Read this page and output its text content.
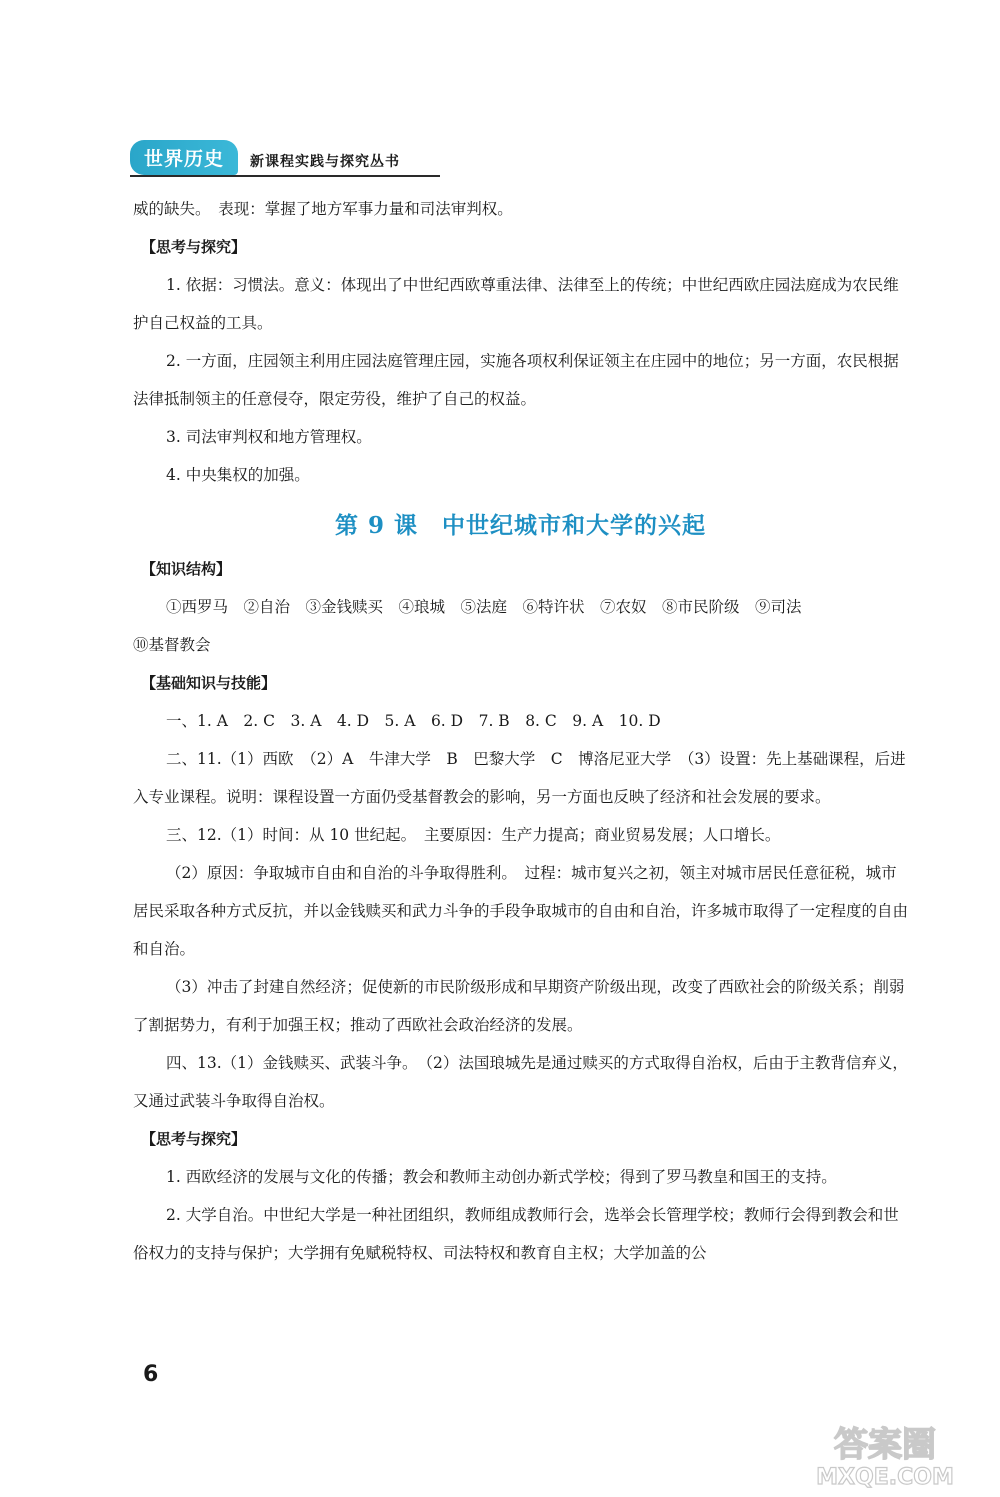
世界历史	新课程实践与探究丛书

威的缺失。　表现：掌握了地方军事力量和司法审判权。

【思考与探究】

1. 依据：习惯法。意义：体现出了中世纪西欧尊重法律、法律至上的传统；中世纪西欧庄园法庭成为农民维护自己权益的工具。

2. 一方面，庄园领主利用庄园法庭管理庄园，实施各项权利保证领主在庄园中的地位；另一方面，农民根据法律抵制领主的任意侵夺，限定劳役，维护了自己的权益。

3. 司法审判权和地方管理权。

4. 中央集权的加强。

第 9 课　中世纪城市和大学的兴起

【知识结构】

①西罗马　②自治　③金钱赎买　④琅城　⑤法庭　⑥特许状　⑦农奴　⑧市民阶级　⑨司法

⑩基督教会

【基础知识与技能】

一、1. A　2. C　3. A　4. D　5. A　6. D　7. B　8. C　9. A　10. D

二、11.（1）西欧　（2）A　牛津大学　B　巴黎大学　C　博洛尼亚大学　（3）设置：先上基础课程，后进入专业课程。说明：课程设置一方面仍受基督教会的影响，另一方面也反映了经济和社会发展的要求。

三、12.（1）时间：从 10 世纪起。　主要原因：生产力提高；商业贸易发展；人口增长。

（2）原因：争取城市自由和自治的斗争取得胜利。　过程：城市复兴之初，领主对城市居民任意征税，城市居民采取各种方式反抗，并以金钱赎买和武力斗争的手段争取城市的自由和自治，许多城市取得了一定程度的自由和自治。

（3）冲击了封建自然经济；促使新的市民阶级形成和早期资产阶级出现，改变了西欧社会的阶级关系；削弱了割据势力，有利于加强王权；推动了西欧社会政治经济的发展。

四、13.（1）金钱赎买、武装斗争。　（2）法国琅城先是通过赎买的方式取得自治权，后由于主教背信弃义，又通过武装斗争取得自治权。

【思考与探究】

1. 西欧经济的发展与文化的传播；教会和教师主动创办新式学校；得到了罗马教皇和国王的支持。

2. 大学自治。中世纪大学是一种社团组织，教师组成教师行会，选举会长管理学校；教师行会得到教会和世俗权力的支持与保护；大学拥有免赋税特权、司法特权和教育自主权；大学加盖的公

6
答案圈
MXQE.COM
